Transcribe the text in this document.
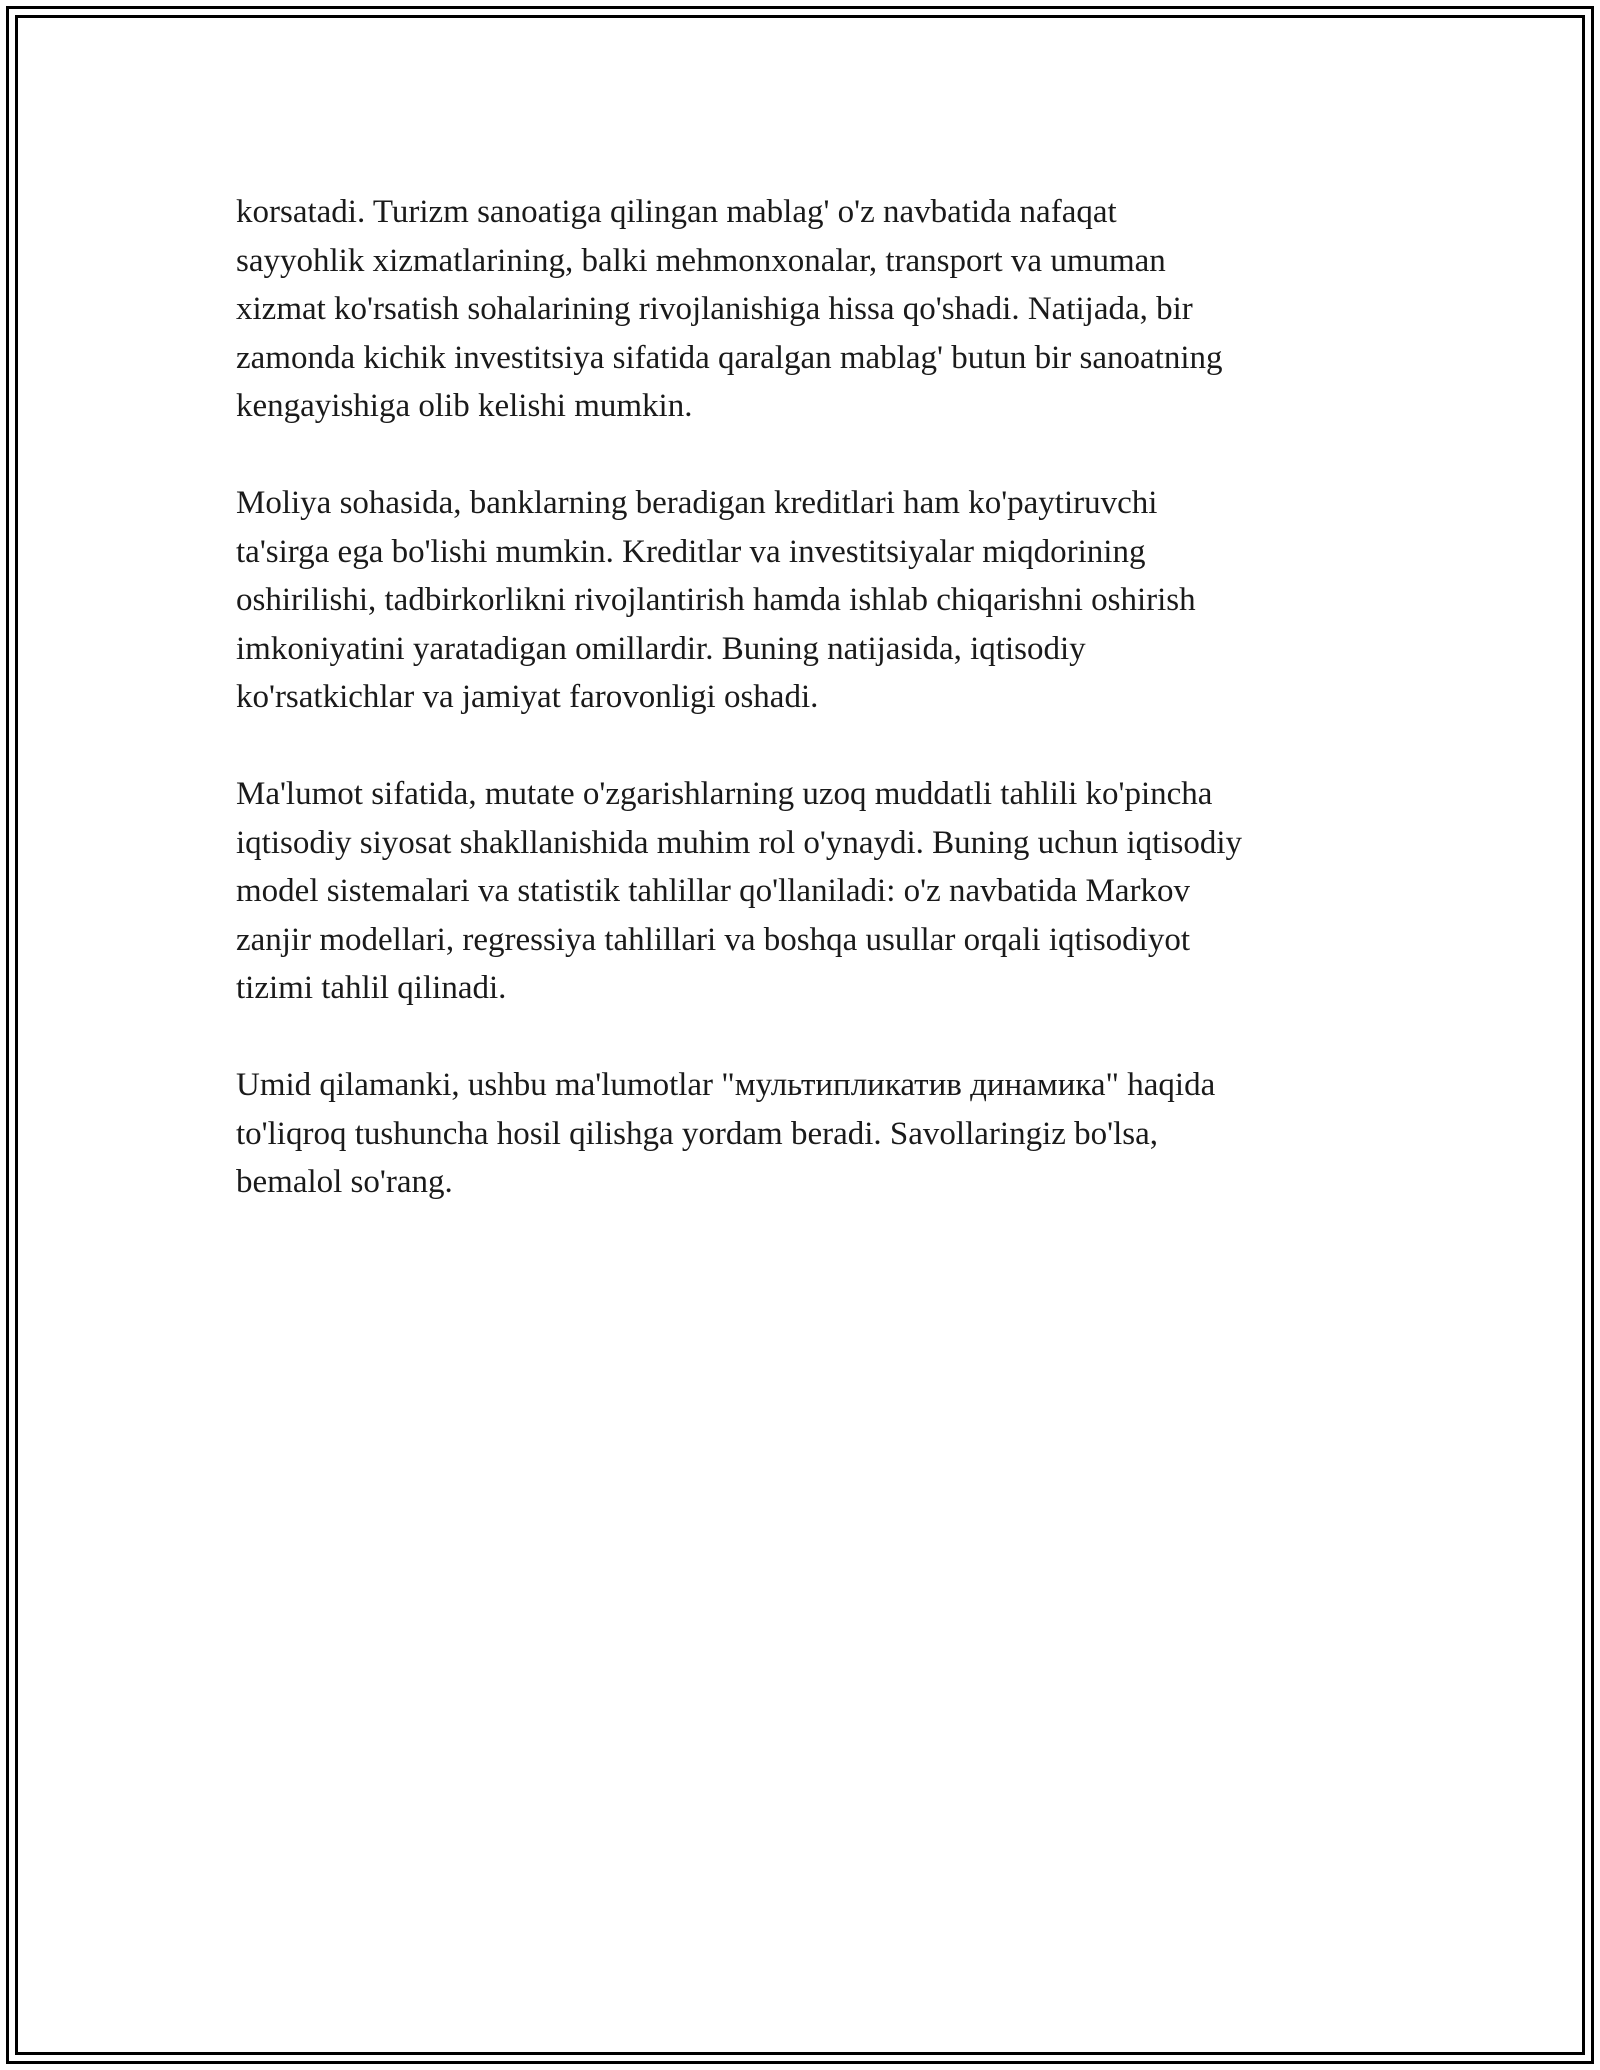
korsatadi. Turizm sanoatiga qilingan mablag' o'z navbatida nafaqat
sayyohlik xizmatlarining, balki mehmonxonalar, transport va umuman
xizmat ko'rsatish sohalarining rivojlanishiga hissa qo'shadi. Natijada, bir
zamonda kichik investitsiya sifatida qaralgan mablag' butun bir sanoatning
kengayishiga olib kelishi mumkin.

Moliya sohasida, banklarning beradigan kreditlari ham ko'paytiruvchi
ta'sirga ega bo'lishi mumkin. Kreditlar va investitsiyalar miqdorining
oshirilishi, tadbirkorlikni rivojlantirish hamda ishlab chiqarishni oshirish
imkoniyatini yaratadigan omillardir. Buning natijasida, iqtisodiy
ko'rsatkichlar va jamiyat farovonligi oshadi.

Ma'lumot sifatida, mutate o'zgarishlarning uzoq muddatli tahlili ko'pincha
iqtisodiy siyosat shakllanishida muhim rol o'ynaydi. Buning uchun iqtisodiy
model sistemalari va statistik tahlillar qo'llaniladi: o'z navbatida Markov
zanjir modellari, regressiya tahlillari va boshqa usullar orqali iqtisodiyot
tizimi tahlil qilinadi.

Umid qilamanki, ushbu ma'lumotlar "мультипликатив динамика" haqida
to'liqroq tushuncha hosil qilishga yordam beradi. Savollaringiz bo'lsa,
bemalol so'rang.
